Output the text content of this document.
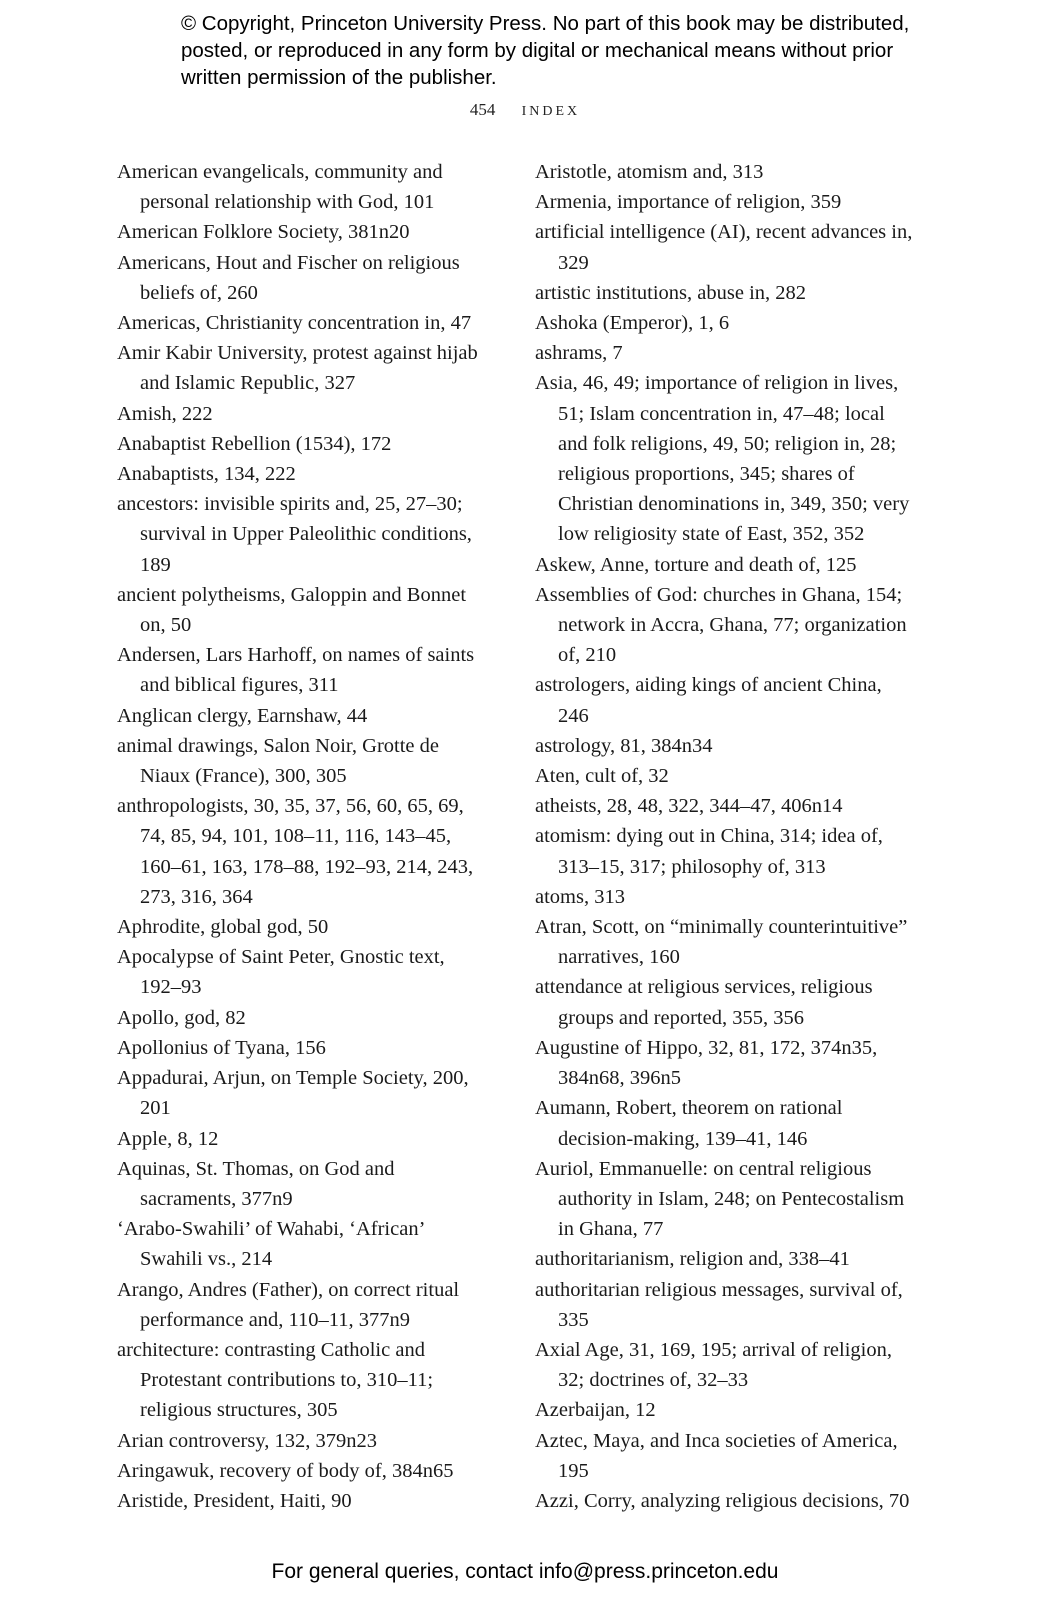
© Copyright, Princeton University Press. No part of this book may be distributed, posted, or reproduced in any form by digital or mechanical means without prior written permission of the publisher.
454 INDEX
American evangelicals, community and personal relationship with God, 101
American Folklore Society, 381n20
Americans, Hout and Fischer on religious beliefs of, 260
Americas, Christianity concentration in, 47
Amir Kabir University, protest against hijab and Islamic Republic, 327
Amish, 222
Anabaptist Rebellion (1534), 172
Anabaptists, 134, 222
ancestors: invisible spirits and, 25, 27–30; survival in Upper Paleolithic conditions, 189
ancient polytheisms, Galoppin and Bonnet on, 50
Andersen, Lars Harhoff, on names of saints and biblical figures, 311
Anglican clergy, Earnshaw, 44
animal drawings, Salon Noir, Grotte de Niaux (France), 300, 305
anthropologists, 30, 35, 37, 56, 60, 65, 69, 74, 85, 94, 101, 108–11, 116, 143–45, 160–61, 163, 178–88, 192–93, 214, 243, 273, 316, 364
Aphrodite, global god, 50
Apocalypse of Saint Peter, Gnostic text, 192–93
Apollo, god, 82
Apollonius of Tyana, 156
Appadurai, Arjun, on Temple Society, 200, 201
Apple, 8, 12
Aquinas, St. Thomas, on God and sacraments, 377n9
‘Arabo-Swahili’ of Wahabi, ‘African’ Swahili vs., 214
Arango, Andres (Father), on correct ritual performance and, 110–11, 377n9
architecture: contrasting Catholic and Protestant contributions to, 310–11; religious structures, 305
Arian controversy, 132, 379n23
Aringawuk, recovery of body of, 384n65
Aristide, President, Haiti, 90
Aristotle, atomism and, 313
Armenia, importance of religion, 359
artificial intelligence (AI), recent advances in, 329
artistic institutions, abuse in, 282
Ashoka (Emperor), 1, 6
ashrams, 7
Asia, 46, 49; importance of religion in lives, 51; Islam concentration in, 47–48; local and folk religions, 49, 50; religion in, 28; religious proportions, 345; shares of Christian denominations in, 349, 350; very low religiosity state of East, 352, 352
Askew, Anne, torture and death of, 125
Assemblies of God: churches in Ghana, 154; network in Accra, Ghana, 77; organization of, 210
astrologers, aiding kings of ancient China, 246
astrology, 81, 384n34
Aten, cult of, 32
atheists, 28, 48, 322, 344–47, 406n14
atomism: dying out in China, 314; idea of, 313–15, 317; philosophy of, 313
atoms, 313
Atran, Scott, on “minimally counterintuitive” narratives, 160
attendance at religious services, religious groups and reported, 355, 356
Augustine of Hippo, 32, 81, 172, 374n35, 384n68, 396n5
Aumann, Robert, theorem on rational decision-making, 139–41, 146
Auriol, Emmanuelle: on central religious authority in Islam, 248; on Pentecostalism in Ghana, 77
authoritarianism, religion and, 338–41
authoritarian religious messages, survival of, 335
Axial Age, 31, 169, 195; arrival of religion, 32; doctrines of, 32–33
Azerbaijan, 12
Aztec, Maya, and Inca societies of America, 195
Azzi, Corry, analyzing religious decisions, 70
For general queries, contact info@press.princeton.edu
